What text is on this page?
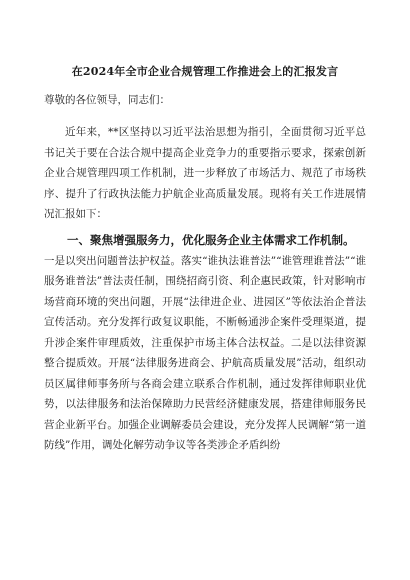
在2024年全市企业合规管理工作推进会上的汇报发言
尊敬的各位领导，同志们：

近年来，**区坚持以习近平法治思想为指引，全面贯彻习近平总书记关于要在合法合规中提高企业竞争力的重要指示要求，探索创新企业合规管理四项工作机制，进一步释放了市场活力、规范了市场秩序、提升了行政执法能力护航企业高质量发展。现将有关工作进展情况汇报如下：

一、聚焦增强服务力，优化服务企业主体需求工作机制。

一是以突出问题普法护权益。落实“谁执法谁普法”“谁管理谁普法”“谁服务谁普法”普法责任制，围绕招商引资、利企惠民政策，针对影响市场营商环境的突出问题，开展“法律进企业、进园区”等依法治企普法宣传活动。充分发挥行政复议职能，不断畅通涉企案件受理渠道，提升涉企案件审理质效，注重保护市场主体合法权益。二是以法律资源整合提质效。开展“法律服务进商会、护航高质量发展”活动，组织动员区属律师事务所与各商会建立联系合作机制，通过发挥律师职业优势，以法律服务和法治保障助力民营经济健康发展，搭建律师服务民营企业新平台。加强企业调解委员会建设，充分发挥人民调解“第一道防线”作用，调处化解劳动争议等各类涉企矛盾纠纷
